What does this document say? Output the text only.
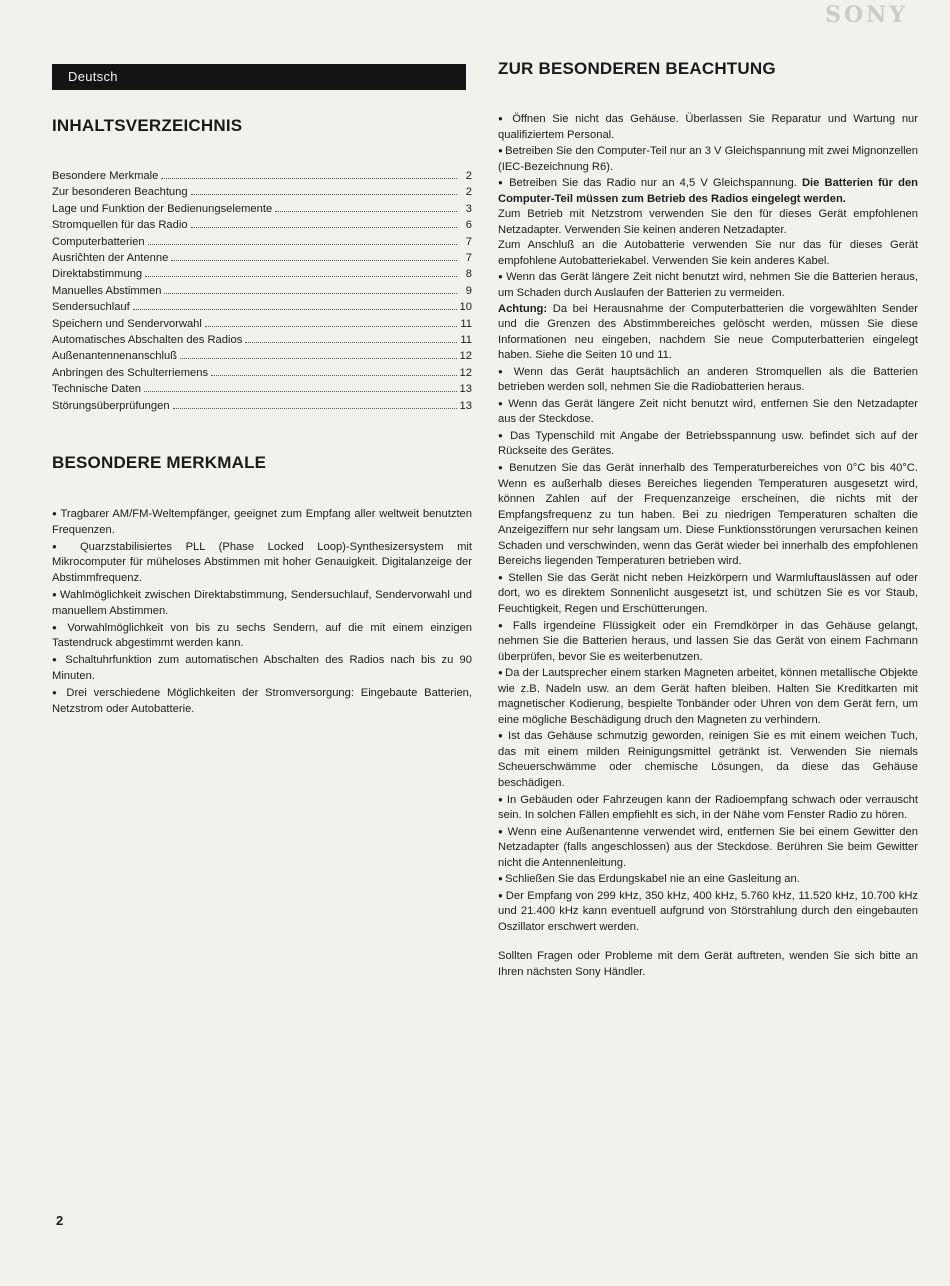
SONY
Deutsch
INHALTSVERZEICHNIS
Besondere Merkmale	2
Zur besonderen Beachtung	2
Lage und Funktion der Bedienungselemente	3
Stromquellen für das Radio	6
Computerbatterien	7
Ausriĉhten der Antenne	7
Direktabstimmung	8
Manuelles Abstimmen	9
Sendersuchlauf	10
Speichern und Sendervorwahl	11
Automatisches Abschalten des Radios	11
Außenantennenanschluß	12
Anbringen des Schulterriemens	12
Technische Daten	13
Störungsüberprüfungen	13
BESONDERE MERKMALE

● Tragbarer AM/FM-Weltempfänger, geeignet zum Empfang aller weltweit benutzten Frequenzen.

● Quarzstabilisiertes PLL (Phase Locked Loop)-Synthesizersystem mit Mikrocomputer für müheloses Abstimmen mit hoher Genauigkeit. Digitalanzeige der Abstimmfrequenz.

● Wahlmöglichkeit zwischen Direktabstimmung, Sendersuchlauf, Sendervorwahl und manuellem Abstimmen.

● Vorwahlmöglichkeit von bis zu sechs Sendern, auf die mit einem einzigen Tastendruck abgestimmt werden kann.

● Schaltuhrfunktion zum automatischen Abschalten des Radios nach bis zu 90 Minuten.

● Drei verschiedene Möglichkeiten der Stromversorgung: Eingebaute Batterien, Netzstrom oder Autobatterie.

ZUR BESONDEREN BEACHTUNG

● Öffnen Sie nicht das Gehäuse. Überlassen Sie Reparatur und Wartung nur qualifiziertem Personal.

● Betreiben Sie den Computer-Teil nur an 3 V Gleichspannung mit zwei Mignonzellen (IEC-Bezeichnung R6).

● Betreiben Sie das Radio nur an 4,5 V Gleichspannung. Die Batterien für den Computer-Teil müssen zum Betrieb des Radios eingelegt werden.

Zum Betrieb mit Netzstrom verwenden Sie den für dieses Gerät empfohlenen Netzadapter. Verwenden Sie keinen anderen Netzadapter.

Zum Anschluß an die Autobatterie verwenden Sie nur das für dieses Gerät empfohlene Autobatteriekabel. Verwenden Sie kein anderes Kabel.

● Wenn das Gerät längere Zeit nicht benutzt wird, nehmen Sie die Batterien heraus, um Schaden durch Auslaufen der Batterien zu vermeiden.

Achtung: Da bei Herausnahme der Computerbatterien die vorgewählten Sender und die Grenzen des Abstimmbereiches gelöscht werden, müssen Sie diese Informationen neu eingeben, nachdem Sie neue Computerbatterien eingelegt haben. Siehe die Seiten 10 und 11.

● Wenn das Gerät hauptsächlich an anderen Stromquellen als die Batterien betrieben werden soll, nehmen Sie die Radiobatterien heraus.

● Wenn das Gerät längere Zeit nicht benutzt wird, entfernen Sie den Netzadapter aus der Steckdose.

● Das Typenschild mit Angabe der Betriebsspannung usw. befindet sich auf der Rückseite des Gerätes.

● Benutzen Sie das Gerät innerhalb des Temperaturbereiches von 0°C bis 40°C. Wenn es außerhalb dieses Bereiches liegenden Temperaturen ausgesetzt wird, können Zahlen auf der Frequenzanzeige erscheinen, die nichts mit der Empfangsfrequenz zu tun haben. Bei zu niedrigen Temperaturen schalten die Anzeigeziffern nur sehr langsam um. Diese Funktionsstörungen verursachen keinen Schaden und verschwinden, wenn das Gerät wieder bei innerhalb des empfohlenen Bereichs liegenden Temperaturen betrieben wird.

● Stellen Sie das Gerät nicht neben Heizkörpern und Warmluftauslässen auf oder dort, wo es direktem Sonnenlicht ausgesetzt ist, und schützen Sie es vor Staub, Feuchtigkeit, Regen und Erschütterungen.

● Falls irgendeine Flüssigkeit oder ein Fremdkörper in das Gehäuse gelangt, nehmen Sie die Batterien heraus, und lassen Sie das Gerät von einem Fachmann überprüfen, bevor Sie es weiterbenutzen.

● Da der Lautsprecher einem starken Magneten arbeitet, können metallische Objekte wie z.B. Nadeln usw. an dem Gerät haften bleiben. Halten Sie Kreditkarten mit magnetischer Kodierung, bespielte Tonbänder oder Uhren von dem Gerät fern, um eine mögliche Beschädigung druch den Magneten zu verhindern.

● Ist das Gehäuse schmutzig geworden, reinigen Sie es mit einem weichen Tuch, das mit einem milden Reinigungsmittel getränkt ist. Verwenden Sie niemals Scheuerschwämme oder chemische Lösungen, da diese das Gehäuse beschädigen.

● In Gebäuden oder Fahrzeugen kann der Radioempfang schwach oder verrauscht sein. In solchen Fällen empfiehlt es sich, in der Nähe vom Fenster Radio zu hören.

● Wenn eine Außenantenne verwendet wird, entfernen Sie bei einem Gewitter den Netzadapter (falls angeschlossen) aus der Steckdose. Berühren Sie beim Gewitter nicht die Antennenleitung.

● Schließen Sie das Erdungskabel nie an eine Gasleitung an.

● Der Empfang von 299 kHz, 350 kHz, 400 kHz, 5.760 kHz, 11.520 kHz, 10.700 kHz und 21.400 kHz kann eventuell aufgrund von Störstrahlung durch den eingebauten Oszillator erschwert werden.

Sollten Fragen oder Probleme mit dem Gerät auftreten, wenden Sie sich bitte an Ihren nächsten Sony Händler.

2
